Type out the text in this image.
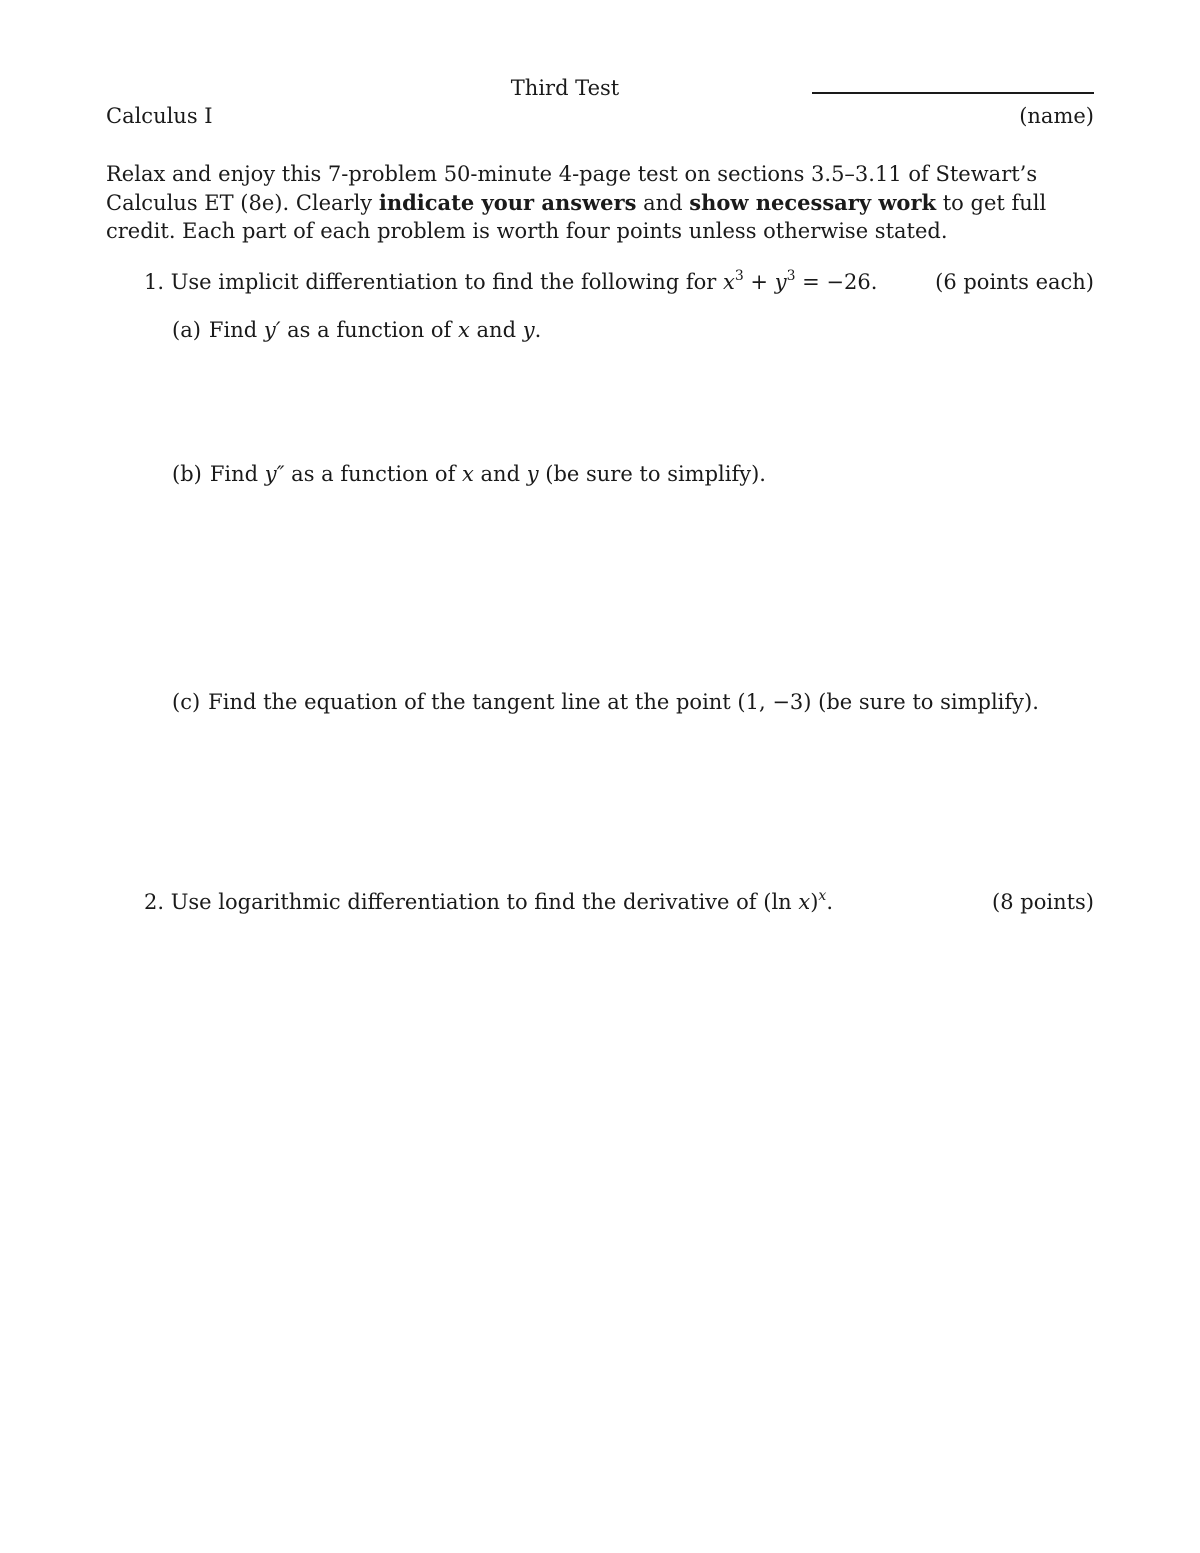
Third Test
Calculus I	(name)
Relax and enjoy this 7-problem 50-minute 4-page test on sections 3.5–3.11 of Stewart’s Calculus ET (8e). Clearly indicate your answers and show necessary work to get full credit. Each part of each problem is worth four points unless otherwise stated.
1. Use implicit differentiation to find the following for $x^3 + y^3 = -26$.	(6 points each)
(a) Find y′ as a function of x and y.
(b) Find y″ as a function of x and y (be sure to simplify).
(c) Find the equation of the tangent line at the point (1, −3) (be sure to simplify).
2. Use logarithmic differentiation to find the derivative of (ln x)$^x$.	(8 points)
